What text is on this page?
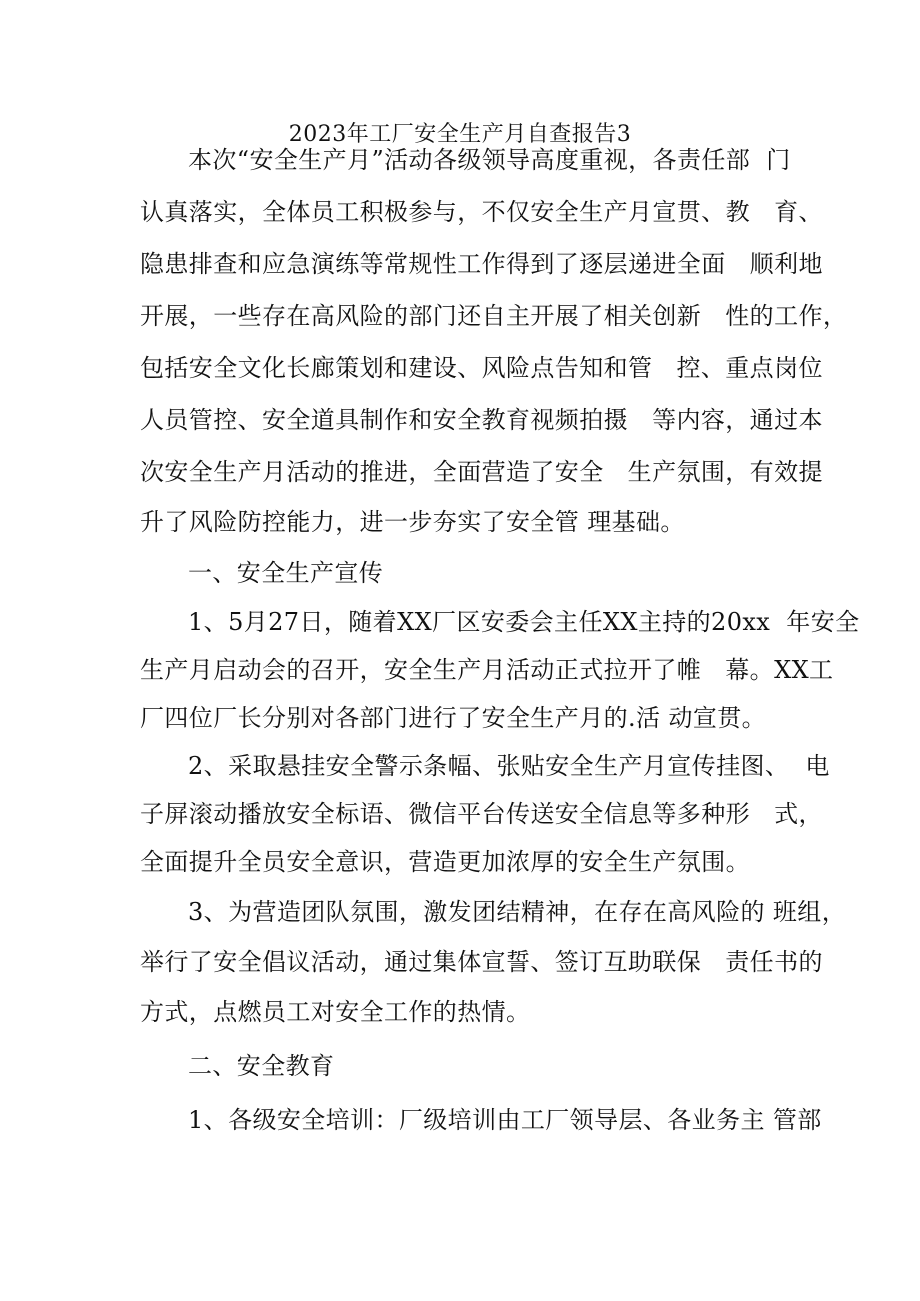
2023年工厂安全生产月自查报告3
本次“安全生产月”活动各级领导高度重视，各责任部  门
认真落实，全体员工积极参与，不仅安全生产月宣贯、教   育、
隐患排查和应急演练等常规性工作得到了逐层递进全面   顺利地
开展，一些存在高风险的部门还自主开展了相关创新   性的工作，
包括安全文化长廊策划和建设、风险点告知和管   控、重点岗位
人员管控、安全道具制作和安全教育视频拍摄   等内容，通过本
次安全生产月活动的推进，全面营造了安全   生产氛围，有效提
升了风险防控能力，进一步夯实了安全管 理基础。
一、安全生产宣传
1、5月27日，随着XX厂区安委会主任XX主持的20xx  年安全
生产月启动会的召开，安全生产月活动正式拉开了帷   幕。XX工
厂四位厂长分别对各部门进行了安全生产月的.活 动宣贯。
2、采取悬挂安全警示条幅、张贴安全生产月宣传挂图、  电
子屏滚动播放安全标语、微信平台传送安全信息等多种形   式，
全面提升全员安全意识，营造更加浓厚的安全生产氛围。
3、为营造团队氛围，激发团结精神，在存在高风险的 班组，
举行了安全倡议活动，通过集体宣誓、签订互助联保   责任书的
方式，点燃员工对安全工作的热情。
二、安全教育
1、各级安全培训：厂级培训由工厂领导层、各业务主 管部
